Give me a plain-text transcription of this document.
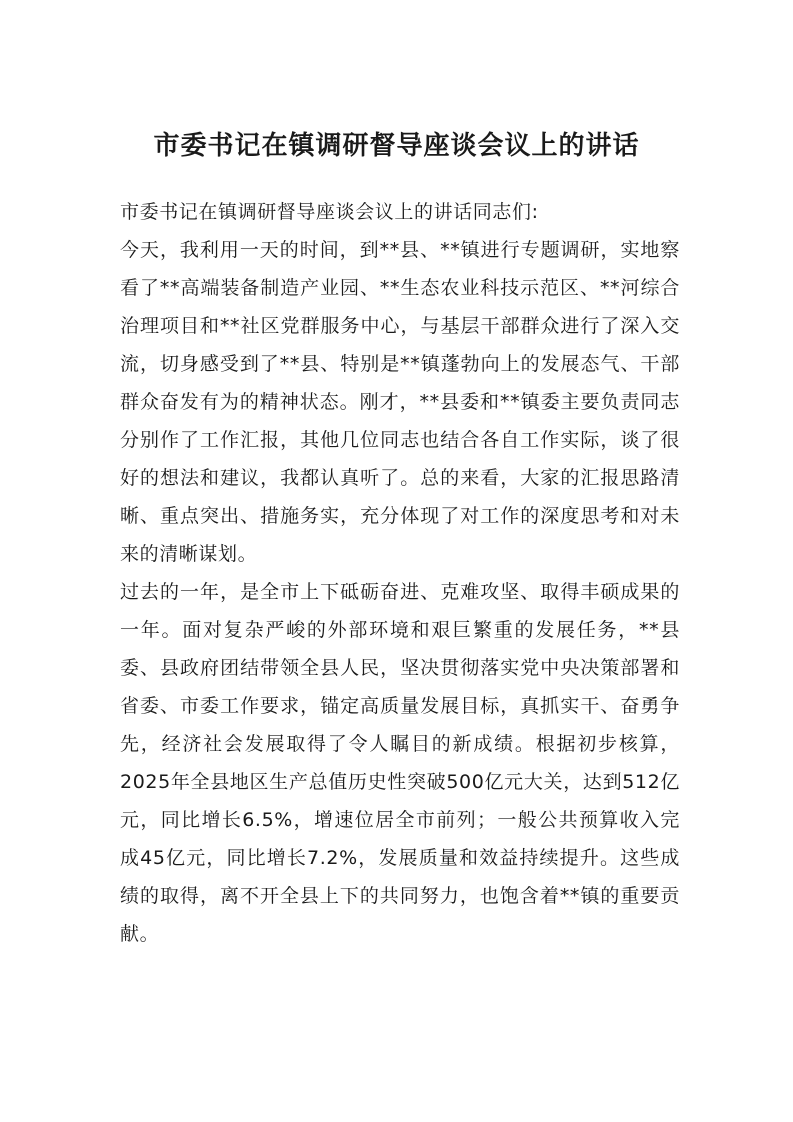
市委书记在镇调研督导座谈会议上的讲话

市委书记在镇调研督导座谈会议上的讲话同志们:

今天，我利用一天的时间，到**县、**镇进行专题调研，实地察看了**高端装备制造产业园、**生态农业科技示范区、**河综合治理项目和**社区党群服务中心，与基层干部群众进行了深入交流，切身感受到了**县、特别是**镇蓬勃向上的发展态气、干部群众奋发有为的精神状态。刚才，**县委和**镇委主要负责同志分别作了工作汇报，其他几位同志也结合各自工作实际，谈了很好的想法和建议，我都认真听了。总的来看，大家的汇报思路清晰、重点突出、措施务实，充分体现了对工作的深度思考和对未来的清晰谋划。

过去的一年，是全市上下砥砺奋进、克难攻坚、取得丰硕成果的一年。面对复杂严峻的外部环境和艰巨繁重的发展任务，**县委、县政府团结带领全县人民，坚决贯彻落实党中央决策部署和省委、市委工作要求，锚定高质量发展目标，真抓实干、奋勇争先，经济社会发展取得了令人瞩目的新成绩。根据初步核算，2025年全县地区生产总值历史性突破500亿元大关，达到512亿元，同比增长6.5%，增速位居全市前列；一般公共预算收入完成45亿元，同比增长7.2%，发展质量和效益持续提升。这些成绩的取得，离不开全县上下的共同努力，也饱含着**镇的重要贡献。
